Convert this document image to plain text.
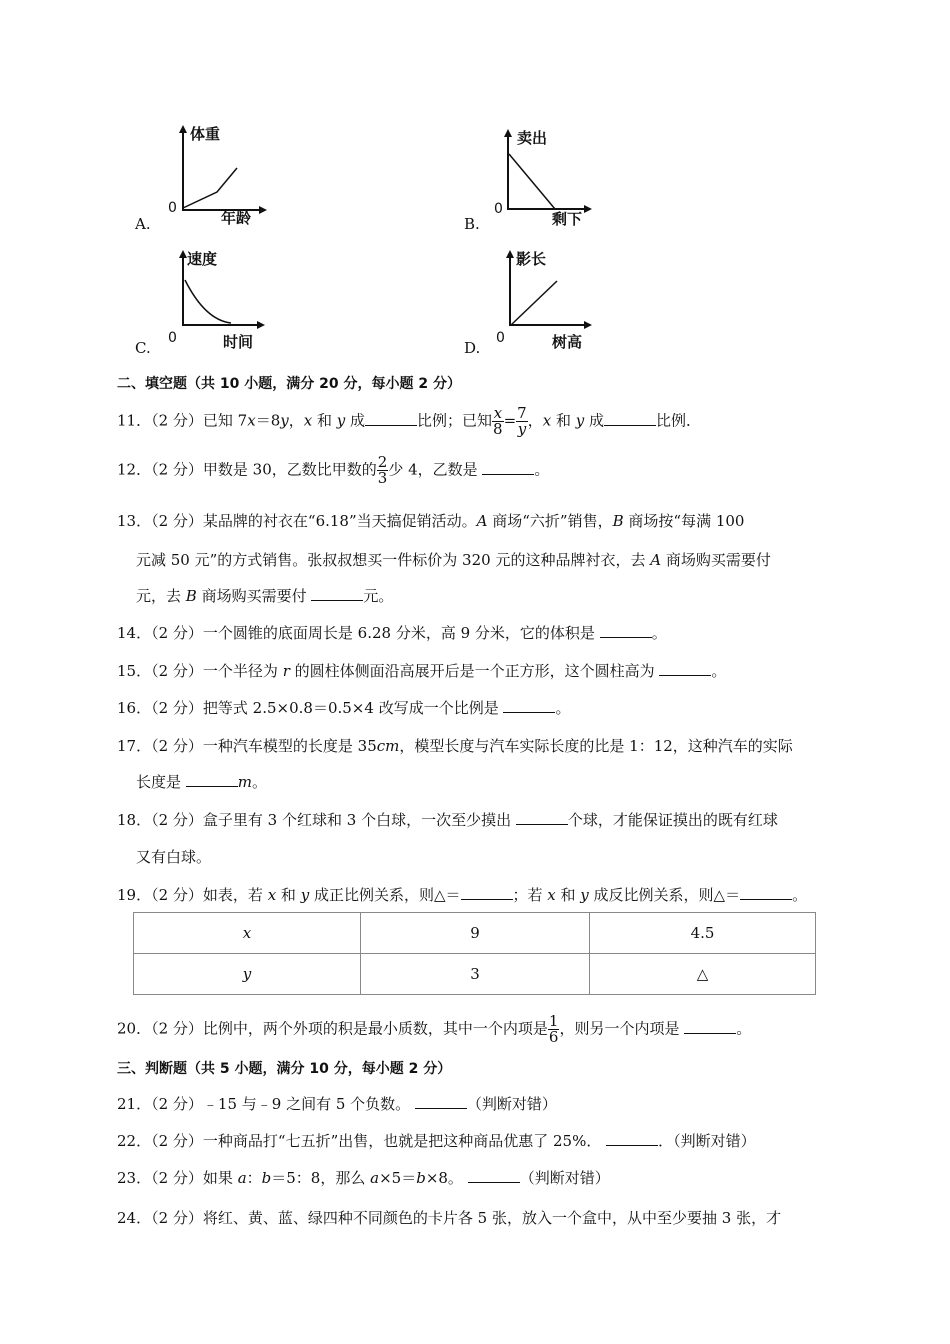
体重
年龄
0
A.
卖出
剩下
0
B.
速度
时间
0
C.
影长
树高
0
D.
二、填空题（共 10 小题，满分 20 分，每小题 2 分）
11．（2 分）已知 7x＝8y，x 和 y 成	比例；已知 $\frac{x}{8} = \frac{7}{y}$ ，x 和 y 成	比例．
12．（2 分）甲数是 30，乙数比甲数的 $\frac{2}{3}$ 少 4，乙数是	。
13．（2 分）某品牌的衬衣在“6.18”当天搞促销活动。A 商场“六折”销售，B 商场按“每满 100
元减 50 元”的方式销售。张叔叔想买一件标价为 320 元的这种品牌衬衣，去 A 商场购买需要付
元，去 B 商场购买需要付	元。
14．（2 分）一个圆锥的底面周长是 6.28 分米，高 9 分米，它的体积是	。
15．（2 分）一个半径为 r 的圆柱体侧面沿高展开后是一个正方形，这个圆柱高为	。
16．（2 分）把等式 2.5×0.8＝0.5×4 改写成一个比例是	。
17．（2 分）一种汽车模型的长度是 35cm，模型长度与汽车实际长度的比是 1：12，这种汽车的实际
长度是	m。
18．（2 分）盒子里有 3 个红球和 3 个白球，一次至少摸出	个球，才能保证摸出的既有红球
又有白球。
19．（2 分）如表，若 x 和 y 成正比例关系，则△＝	；若 x 和 y 成反比例关系，则△＝	。
x	9	4.5
y	3	△
20．（2 分）比例中，两个外项的积是最小质数，其中一个内项是 $\frac{1}{6}$ ，则另一个内项是	。
三、判断题（共 5 小题，满分 10 分，每小题 2 分）
21．（2 分）﹣15 与﹣9 之间有 5 个负数。	（判断对错）
22．（2 分）一种商品打“七五折”出售，也就是把这种商品优惠了 25%．	．（判断对错）
23．（2 分）如果 a：b＝5：8，那么 a×5＝b×8。	（判断对错）
24．（2 分）将红、黄、蓝、绿四种不同颜色的卡片各 5 张，放入一个盒中，从中至少要抽 3 张，才
